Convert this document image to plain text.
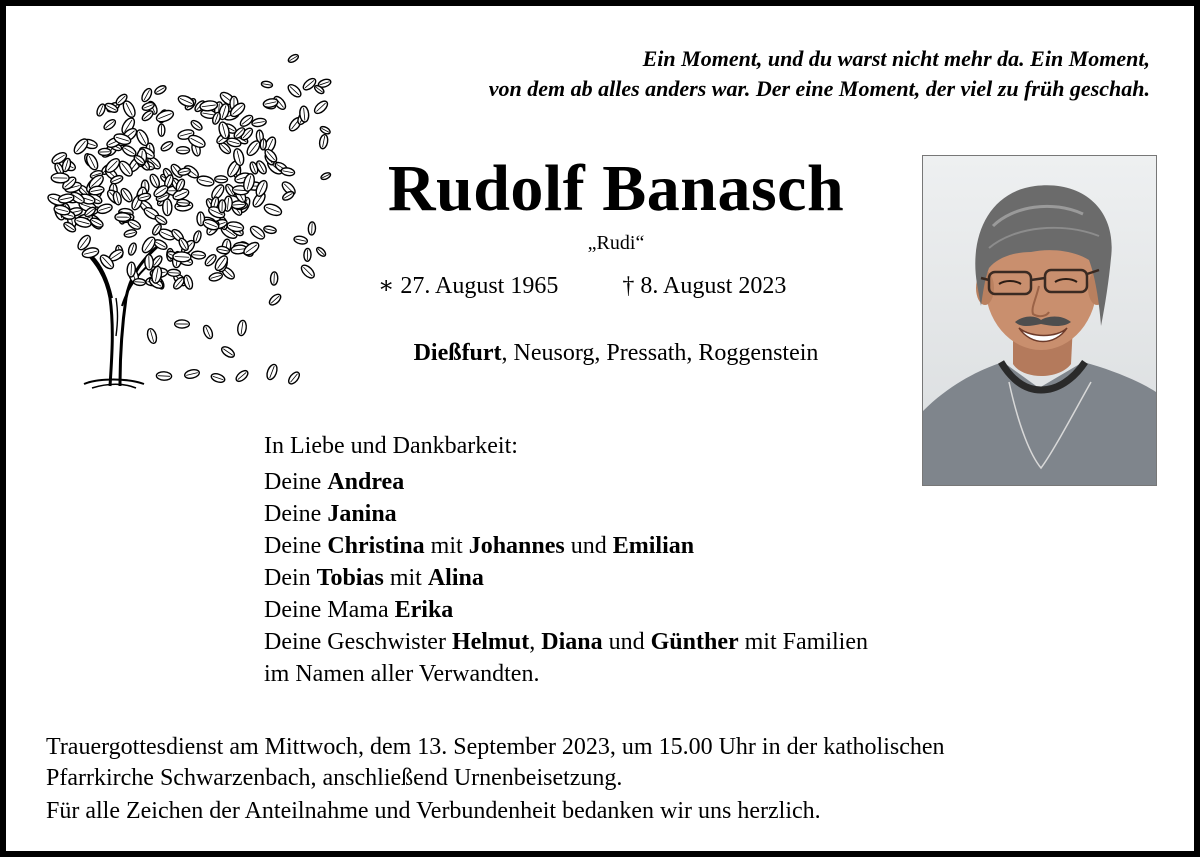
Ein Moment, und du warst nicht mehr da. Ein Moment,
von dem ab alles anders war. Der eine Moment, der viel zu früh geschah.
Rudolf Banasch
„Rudi“
∗ 27. August 1965	† 8. August 2023
Dießfurt, Neusorg, Pressath, Roggenstein
In Liebe und Dankbarkeit:
Deine Andrea
Deine Janina
Deine Christina mit Johannes und Emilian
Dein Tobias mit Alina
Deine Mama Erika
Deine Geschwister Helmut, Diana und Günther mit Familien
im Namen aller Verwandten.
Trauergottesdienst am Mittwoch, dem 13. September 2023, um 15.00 Uhr in der katholischen
Pfarrkirche Schwarzenbach, anschließend Urnenbeisetzung.
Für alle Zeichen der Anteilnahme und Verbundenheit bedanken wir uns herzlich.
